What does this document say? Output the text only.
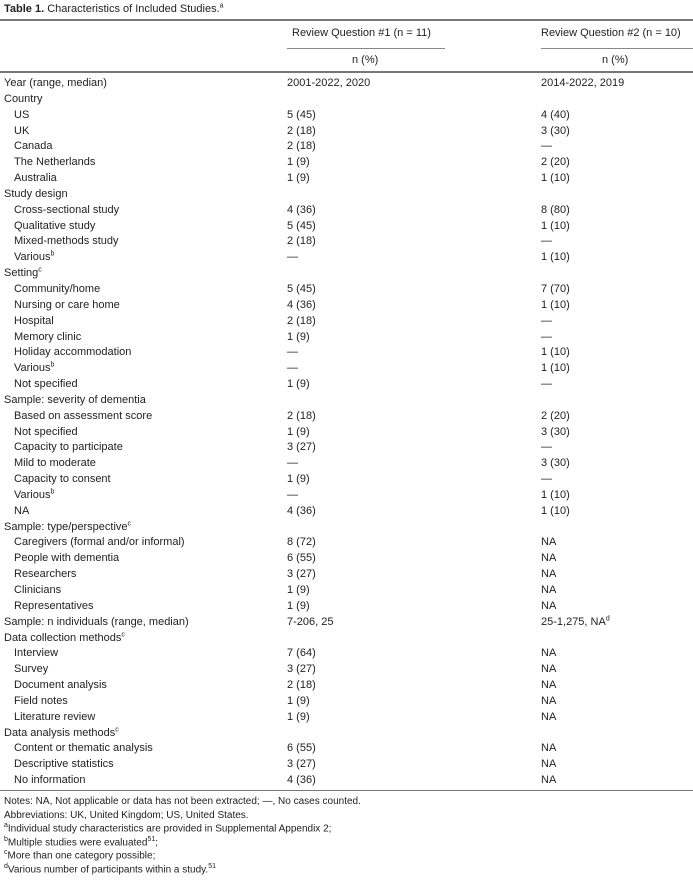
Table 1. Characteristics of Included Studies.$^a$
Review Question #1 (n = 11)	Review Question #2 (n = 10)
n (%)	n (%)
Year (range, median)	2001-2022, 2020	2014-2022, 2019
Country
US	5 (45)	4 (40)
UK	2 (18)	3 (30)
Canada	2 (18)	—
The Netherlands	1 (9)	2 (20)
Australia	1 (9)	1 (10)
Study design
Cross-sectional study	4 (36)	8 (80)
Qualitative study	5 (45)	1 (10)
Mixed-methods study	2 (18)	—
Various$^b$	—	1 (10)
Setting$^c$
Community/home	5 (45)	7 (70)
Nursing or care home	4 (36)	1 (10)
Hospital	2 (18)	—
Memory clinic	1 (9)	—
Holiday accommodation	—	1 (10)
Various$^b$	—	1 (10)
Not specified	1 (9)	—
Sample: severity of dementia
Based on assessment score	2 (18)	2 (20)
Not specified	1 (9)	3 (30)
Capacity to participate	3 (27)	—
Mild to moderate	—	3 (30)
Capacity to consent	1 (9)	—
Various$^b$	—	1 (10)
NA	4 (36)	1 (10)
Sample: type/perspective$^c$
Caregivers (formal and/or informal)	8 (72)	NA
People with dementia	6 (55)	NA
Researchers	3 (27)	NA
Clinicians	1 (9)	NA
Representatives	1 (9)	NA
Sample: n individuals (range, median)	7-206, 25	25-1,275, $NA^d$
Data collection methods$^c$
Interview	7 (64)	NA
Survey	3 (27)	NA
Document analysis	2 (18)	NA
Field notes	1 (9)	NA
Literature review	1 (9)	NA
Data analysis methods$^c$
Content or thematic analysis	6 (55)	NA
Descriptive statistics	3 (27)	NA
No information	4 (36)	NA
Notes: NA, Not applicable or data has not been extracted; —, No cases counted.
Abbreviations: UK, United Kingdom; US, United States.
$^a$Individual study characteristics are provided in Supplemental Appendix 2;
$^b$Multiple studies were evaluated$^{51}$;
$^c$More than one category possible;
$^d$Various number of participants within a study.$^{51}$
